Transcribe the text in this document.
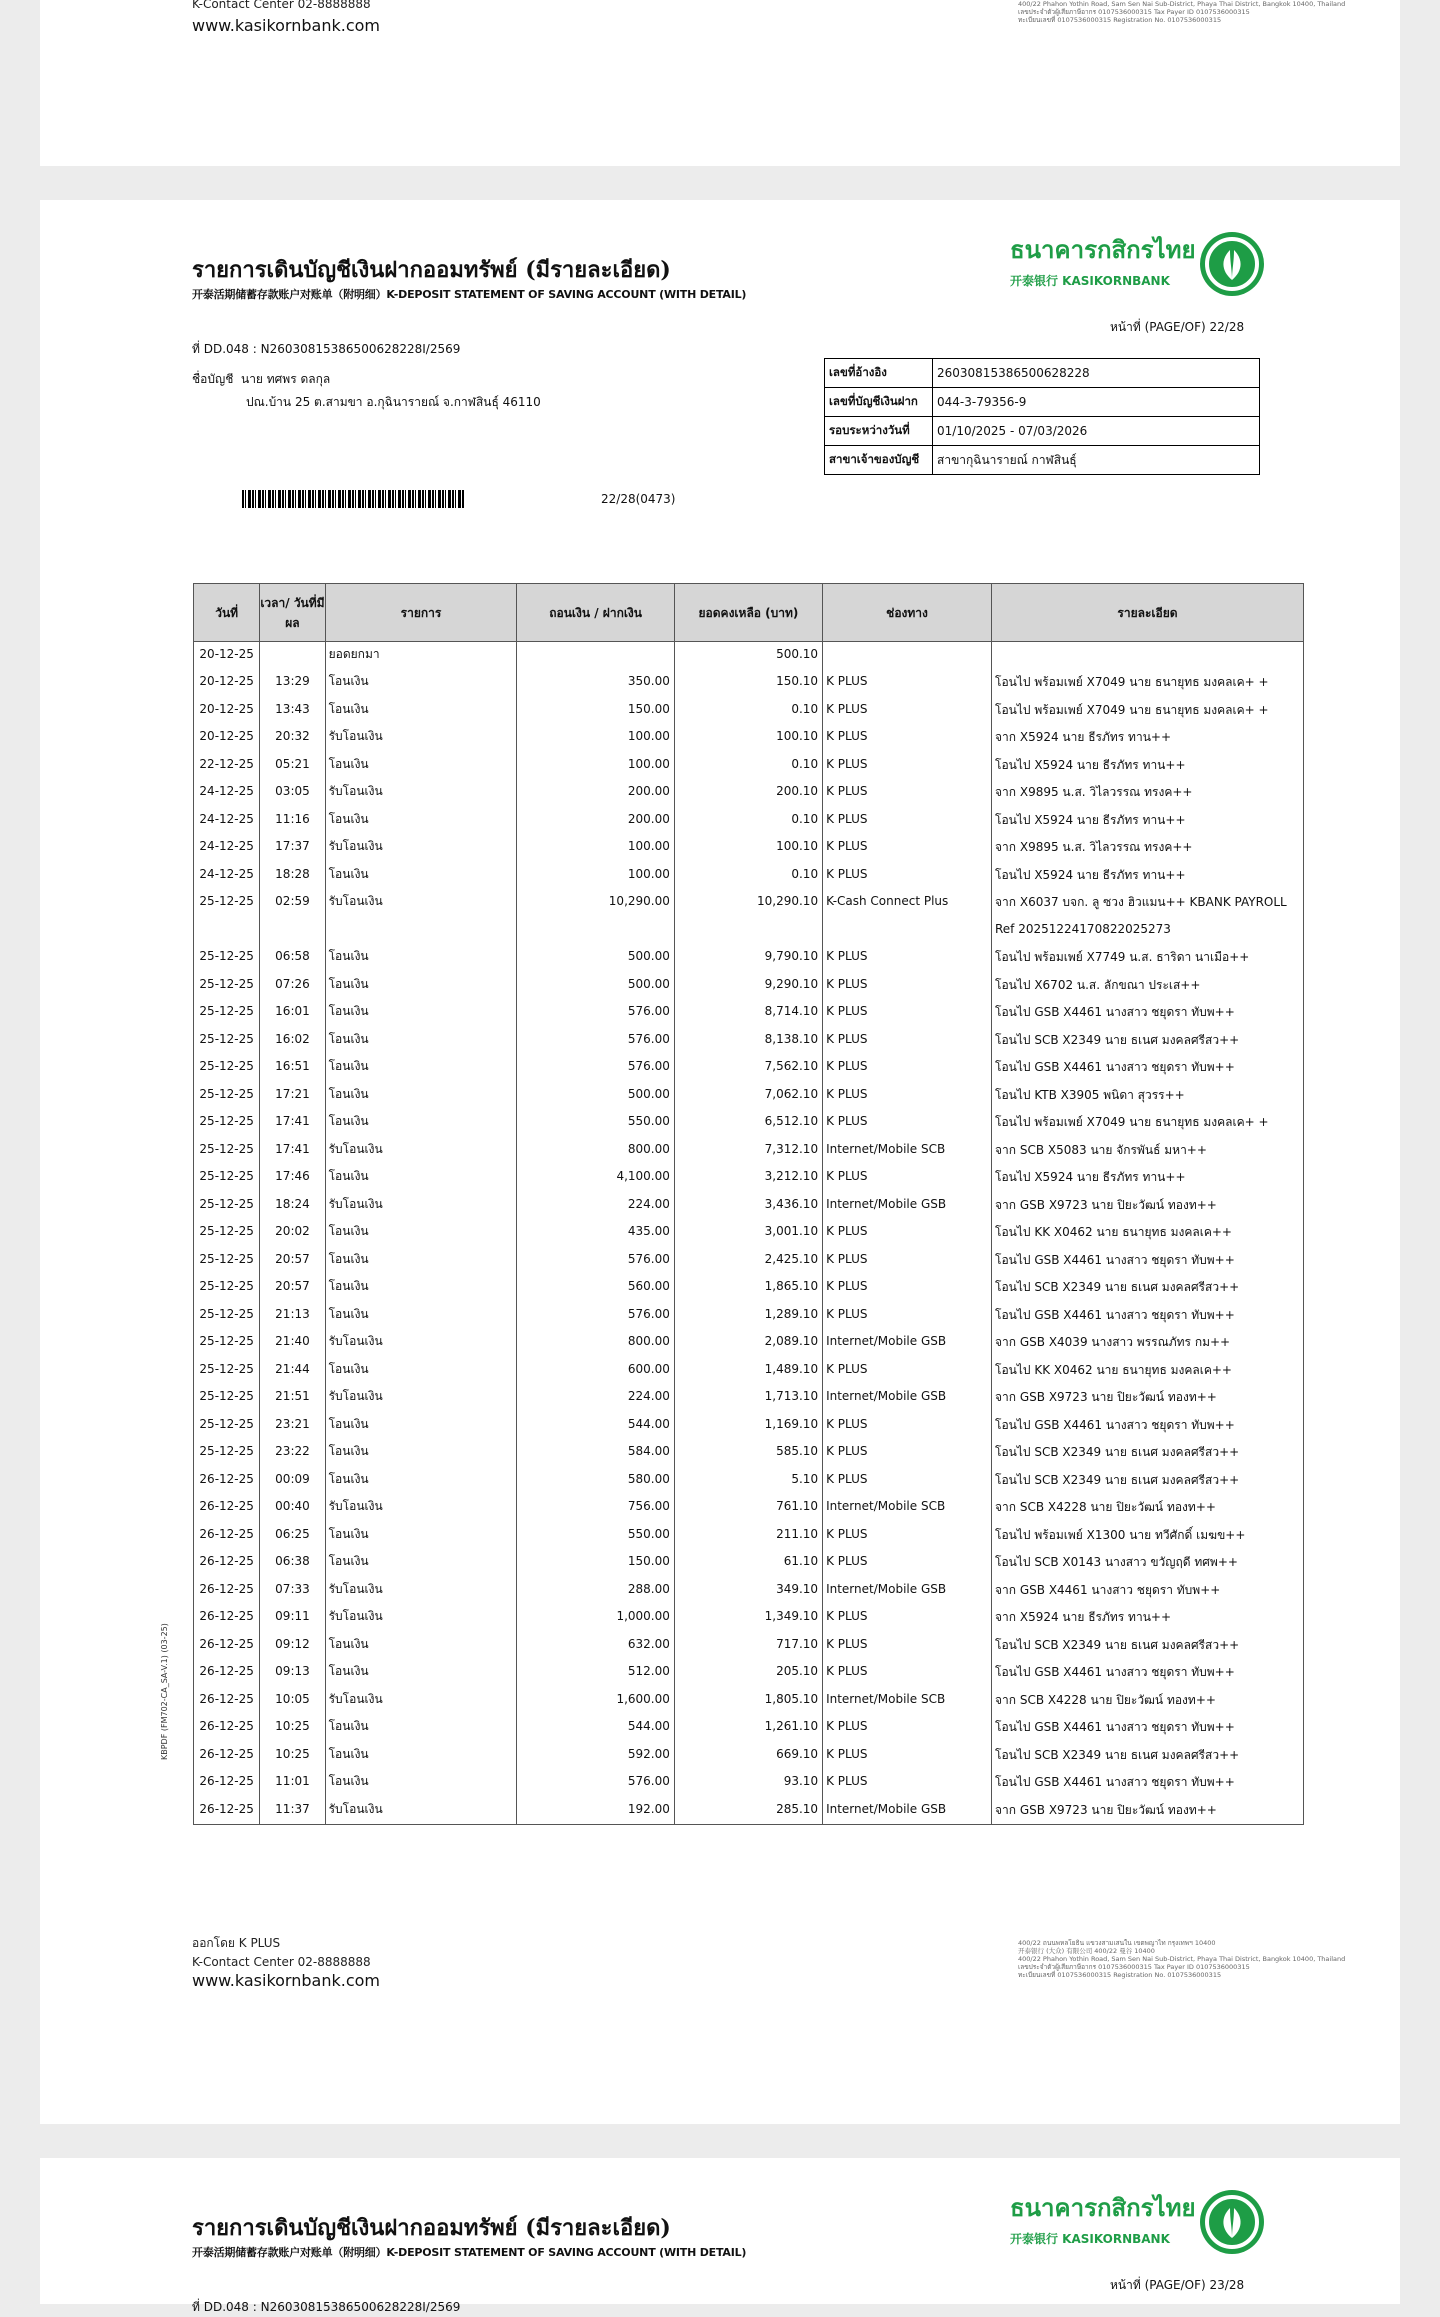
K-Contact Center 02-8888888
www.kasikornbank.com
400/22 Phahon Yothin Road, Sam Sen Nai Sub-District, Phaya Thai District, Bangkok 10400, Thailand
เลขประจำตัวผู้เสียภาษีอากร 0107536000315 Tax Payer ID 0107536000315
ทะเบียนเลขที่ 0107536000315 Registration No. 0107536000315
รายการเดินบัญชีเงินฝากออมทรัพย์ (มีรายละเอียด)
开泰活期储蓄存款账户对账单（附明细）K-DEPOSIT STATEMENT OF SAVING ACCOUNT (WITH DETAIL)
ธนาคารกสิกรไทย
开泰银行 KASIKORNBANK
หน้าที่ (PAGE/OF) 22/28
ที่ DD.048 : N2603081538650062822​8I/2569
ชื่อบัญชี นาย ทศพร ดลกุล
ปณ.บ้าน 25 ต.สามขา อ.กุฉินารายณ์ จ.กาฬสินธุ์ 46110
เลขที่อ้างอิง	260308153865006​28228
เลขที่บัญชีเงินฝาก	044-3-79356-9
รอบระหว่างวันที่	01/10/2025 - 07/03/2026
สาขาเจ้าของบัญชี	สาขากุฉินารายณ์ กาฬสินธุ์
22/28(0473)
KBPDF (FM702-CA_SA-V.1) (03-25)
ออกโดย K PLUS
K-Contact Center 02-8888888
www.kasikornbank.com
400/22 ถนนพหลโยธิน แขวงสามเสนใน เขตพญาไท กรุงเทพฯ 10400
开泰银行 (大众) 有限公司 400/22 曼谷 10400
400/22 Phahon Yothin Road, Sam Sen Nai Sub-District, Phaya Thai District, Bangkok 10400, Thailand
เลขประจำตัวผู้เสียภาษีอากร 0107536000315 Tax Payer ID 0107536000315
ทะเบียนเลขที่ 0107536000315 Registration No. 0107536000315
วันที่	เวลา/ วันที่มีผล	รายการ	ถอนเงิน / ฝากเงิน	ยอดคงเหลือ (บาท)	ช่องทาง	รายละเอียด
20-12-25		ยอดยกมา		500.10		
20-12-25	13:29	โอนเงิน	350.00	150.10	K PLUS	โอนไป พร้อมเพย์ X7049 นาย ธนายุทธ มงคลเค+ +
20-12-25	13:43	โอนเงิน	150.00	0.10	K PLUS	โอนไป พร้อมเพย์ X7049 นาย ธนายุทธ มงคลเค+ +
20-12-25	20:32	รับโอนเงิน	100.00	100.10	K PLUS	จาก X5924 นาย ธีรภัทร ทาน++
22-12-25	05:21	โอนเงิน	100.00	0.10	K PLUS	โอนไป X5924 นาย ธีรภัทร ทาน++
24-12-25	03:05	รับโอนเงิน	200.00	200.10	K PLUS	จาก X9895 น.ส. วิไลวรรณ ทรงค++
24-12-25	11:16	โอนเงิน	200.00	0.10	K PLUS	โอนไป X5924 นาย ธีรภัทร ทาน++
24-12-25	17:37	รับโอนเงิน	100.00	100.10	K PLUS	จาก X9895 น.ส. วิไลวรรณ ทรงค++
24-12-25	18:28	โอนเงิน	100.00	0.10	K PLUS	โอนไป X5924 นาย ธีรภัทร ทาน++
25-12-25	02:59	รับโอนเงิน	10,290.00	10,290.10	K-Cash Connect Plus	จาก X6037 บจก. ลู ซวง ฮิวแมน++ KBANK PAYROLL Ref 20251224170822025273
25-12-25	06:58	โอนเงิน	500.00	9,790.10	K PLUS	โอนไป พร้อมเพย์ X7749 น.ส. ธาริดา นาเมือ++
25-12-25	07:26	โอนเงิน	500.00	9,290.10	K PLUS	โอนไป X6702 น.ส. ลักขณา ประเส++
25-12-25	16:01	โอนเงิน	576.00	8,714.10	K PLUS	โอนไป GSB X4461 นางสาว ชยุดรา ทับพ++
25-12-25	16:02	โอนเงิน	576.00	8,138.10	K PLUS	โอนไป SCB X2349 นาย ธเนศ มงคลศรีสว++
25-12-25	16:51	โอนเงิน	576.00	7,562.10	K PLUS	โอนไป GSB X4461 นางสาว ชยุดรา ทับพ++
25-12-25	17:21	โอนเงิน	500.00	7,062.10	K PLUS	โอนไป KTB X3905 พนิดา สุวรร++
25-12-25	17:41	โอนเงิน	550.00	6,512.10	K PLUS	โอนไป พร้อมเพย์ X7049 นาย ธนายุทธ มงคลเค+ +
25-12-25	17:41	รับโอนเงิน	800.00	7,312.10	Internet/Mobile SCB	จาก SCB X5083 นาย จักรพันธ์ มหา++
25-12-25	17:46	โอนเงิน	4,100.00	3,212.10	K PLUS	โอนไป X5924 นาย ธีรภัทร ทาน++
25-12-25	18:24	รับโอนเงิน	224.00	3,436.10	Internet/Mobile GSB	จาก GSB X9723 นาย ปิยะวัฒน์ ทองท++
25-12-25	20:02	โอนเงิน	435.00	3,001.10	K PLUS	โอนไป KK X0462 นาย ธนายุทธ มงคลเค++
25-12-25	20:57	โอนเงิน	576.00	2,425.10	K PLUS	โอนไป GSB X4461 นางสาว ชยุดรา ทับพ++
25-12-25	20:57	โอนเงิน	560.00	1,865.10	K PLUS	โอนไป SCB X2349 นาย ธเนศ มงคลศรีสว++
25-12-25	21:13	โอนเงิน	576.00	1,289.10	K PLUS	โอนไป GSB X4461 นางสาว ชยุดรา ทับพ++
25-12-25	21:40	รับโอนเงิน	800.00	2,089.10	Internet/Mobile GSB	จาก GSB X4039 นางสาว พรรณภัทร กม++
25-12-25	21:44	โอนเงิน	600.00	1,489.10	K PLUS	โอนไป KK X0462 นาย ธนายุทธ มงคลเค++
25-12-25	21:51	รับโอนเงิน	224.00	1,713.10	Internet/Mobile GSB	จาก GSB X9723 นาย ปิยะวัฒน์ ทองท++
25-12-25	23:21	โอนเงิน	544.00	1,169.10	K PLUS	โอนไป GSB X4461 นางสาว ชยุดรา ทับพ++
25-12-25	23:22	โอนเงิน	584.00	585.10	K PLUS	โอนไป SCB X2349 นาย ธเนศ มงคลศรีสว++
26-12-25	00:09	โอนเงิน	580.00	5.10	K PLUS	โอนไป SCB X2349 นาย ธเนศ มงคลศรีสว++
26-12-25	00:40	รับโอนเงิน	756.00	761.10	Internet/Mobile SCB	จาก SCB X4228 นาย ปิยะวัฒน์ ทองท++
26-12-25	06:25	โอนเงิน	550.00	211.10	K PLUS	โอนไป พร้อมเพย์ X1300 นาย ทวีศักดิ์ เมฆข++
26-12-25	06:38	โอนเงิน	150.00	61.10	K PLUS	โอนไป SCB X0143 นางสาว ขวัญฤดี ทศพ++
26-12-25	07:33	รับโอนเงิน	288.00	349.10	Internet/Mobile GSB	จาก GSB X4461 นางสาว ชยุดรา ทับพ++
26-12-25	09:11	รับโอนเงิน	1,000.00	1,349.10	K PLUS	จาก X5924 นาย ธีรภัทร ทาน++
26-12-25	09:12	โอนเงิน	632.00	717.10	K PLUS	โอนไป SCB X2349 นาย ธเนศ มงคลศรีสว++
26-12-25	09:13	โอนเงิน	512.00	205.10	K PLUS	โอนไป GSB X4461 นางสาว ชยุดรา ทับพ++
26-12-25	10:05	รับโอนเงิน	1,600.00	1,805.10	Internet/Mobile SCB	จาก SCB X4228 นาย ปิยะวัฒน์ ทองท++
26-12-25	10:25	โอนเงิน	544.00	1,261.10	K PLUS	โอนไป GSB X4461 นางสาว ชยุดรา ทับพ++
26-12-25	10:25	โอนเงิน	592.00	669.10	K PLUS	โอนไป SCB X2349 นาย ธเนศ มงคลศรีสว++
26-12-25	11:01	โอนเงิน	576.00	93.10	K PLUS	โอนไป GSB X4461 นางสาว ชยุดรา ทับพ++
26-12-25	11:37	รับโอนเงิน	192.00	285.10	Internet/Mobile GSB	จาก GSB X9723 นาย ปิยะวัฒน์ ทองท++
รายการเดินบัญชีเงินฝากออมทรัพย์ (มีรายละเอียด)
开泰活期储蓄存款账户对账单（附明细）K-DEPOSIT STATEMENT OF SAVING ACCOUNT (WITH DETAIL)
ธนาคารกสิกรไทย
开泰银行 KASIKORNBANK
หน้าที่ (PAGE/OF) 23/28
ที่ DD.048 : N2603081538650062822​8I/2569
